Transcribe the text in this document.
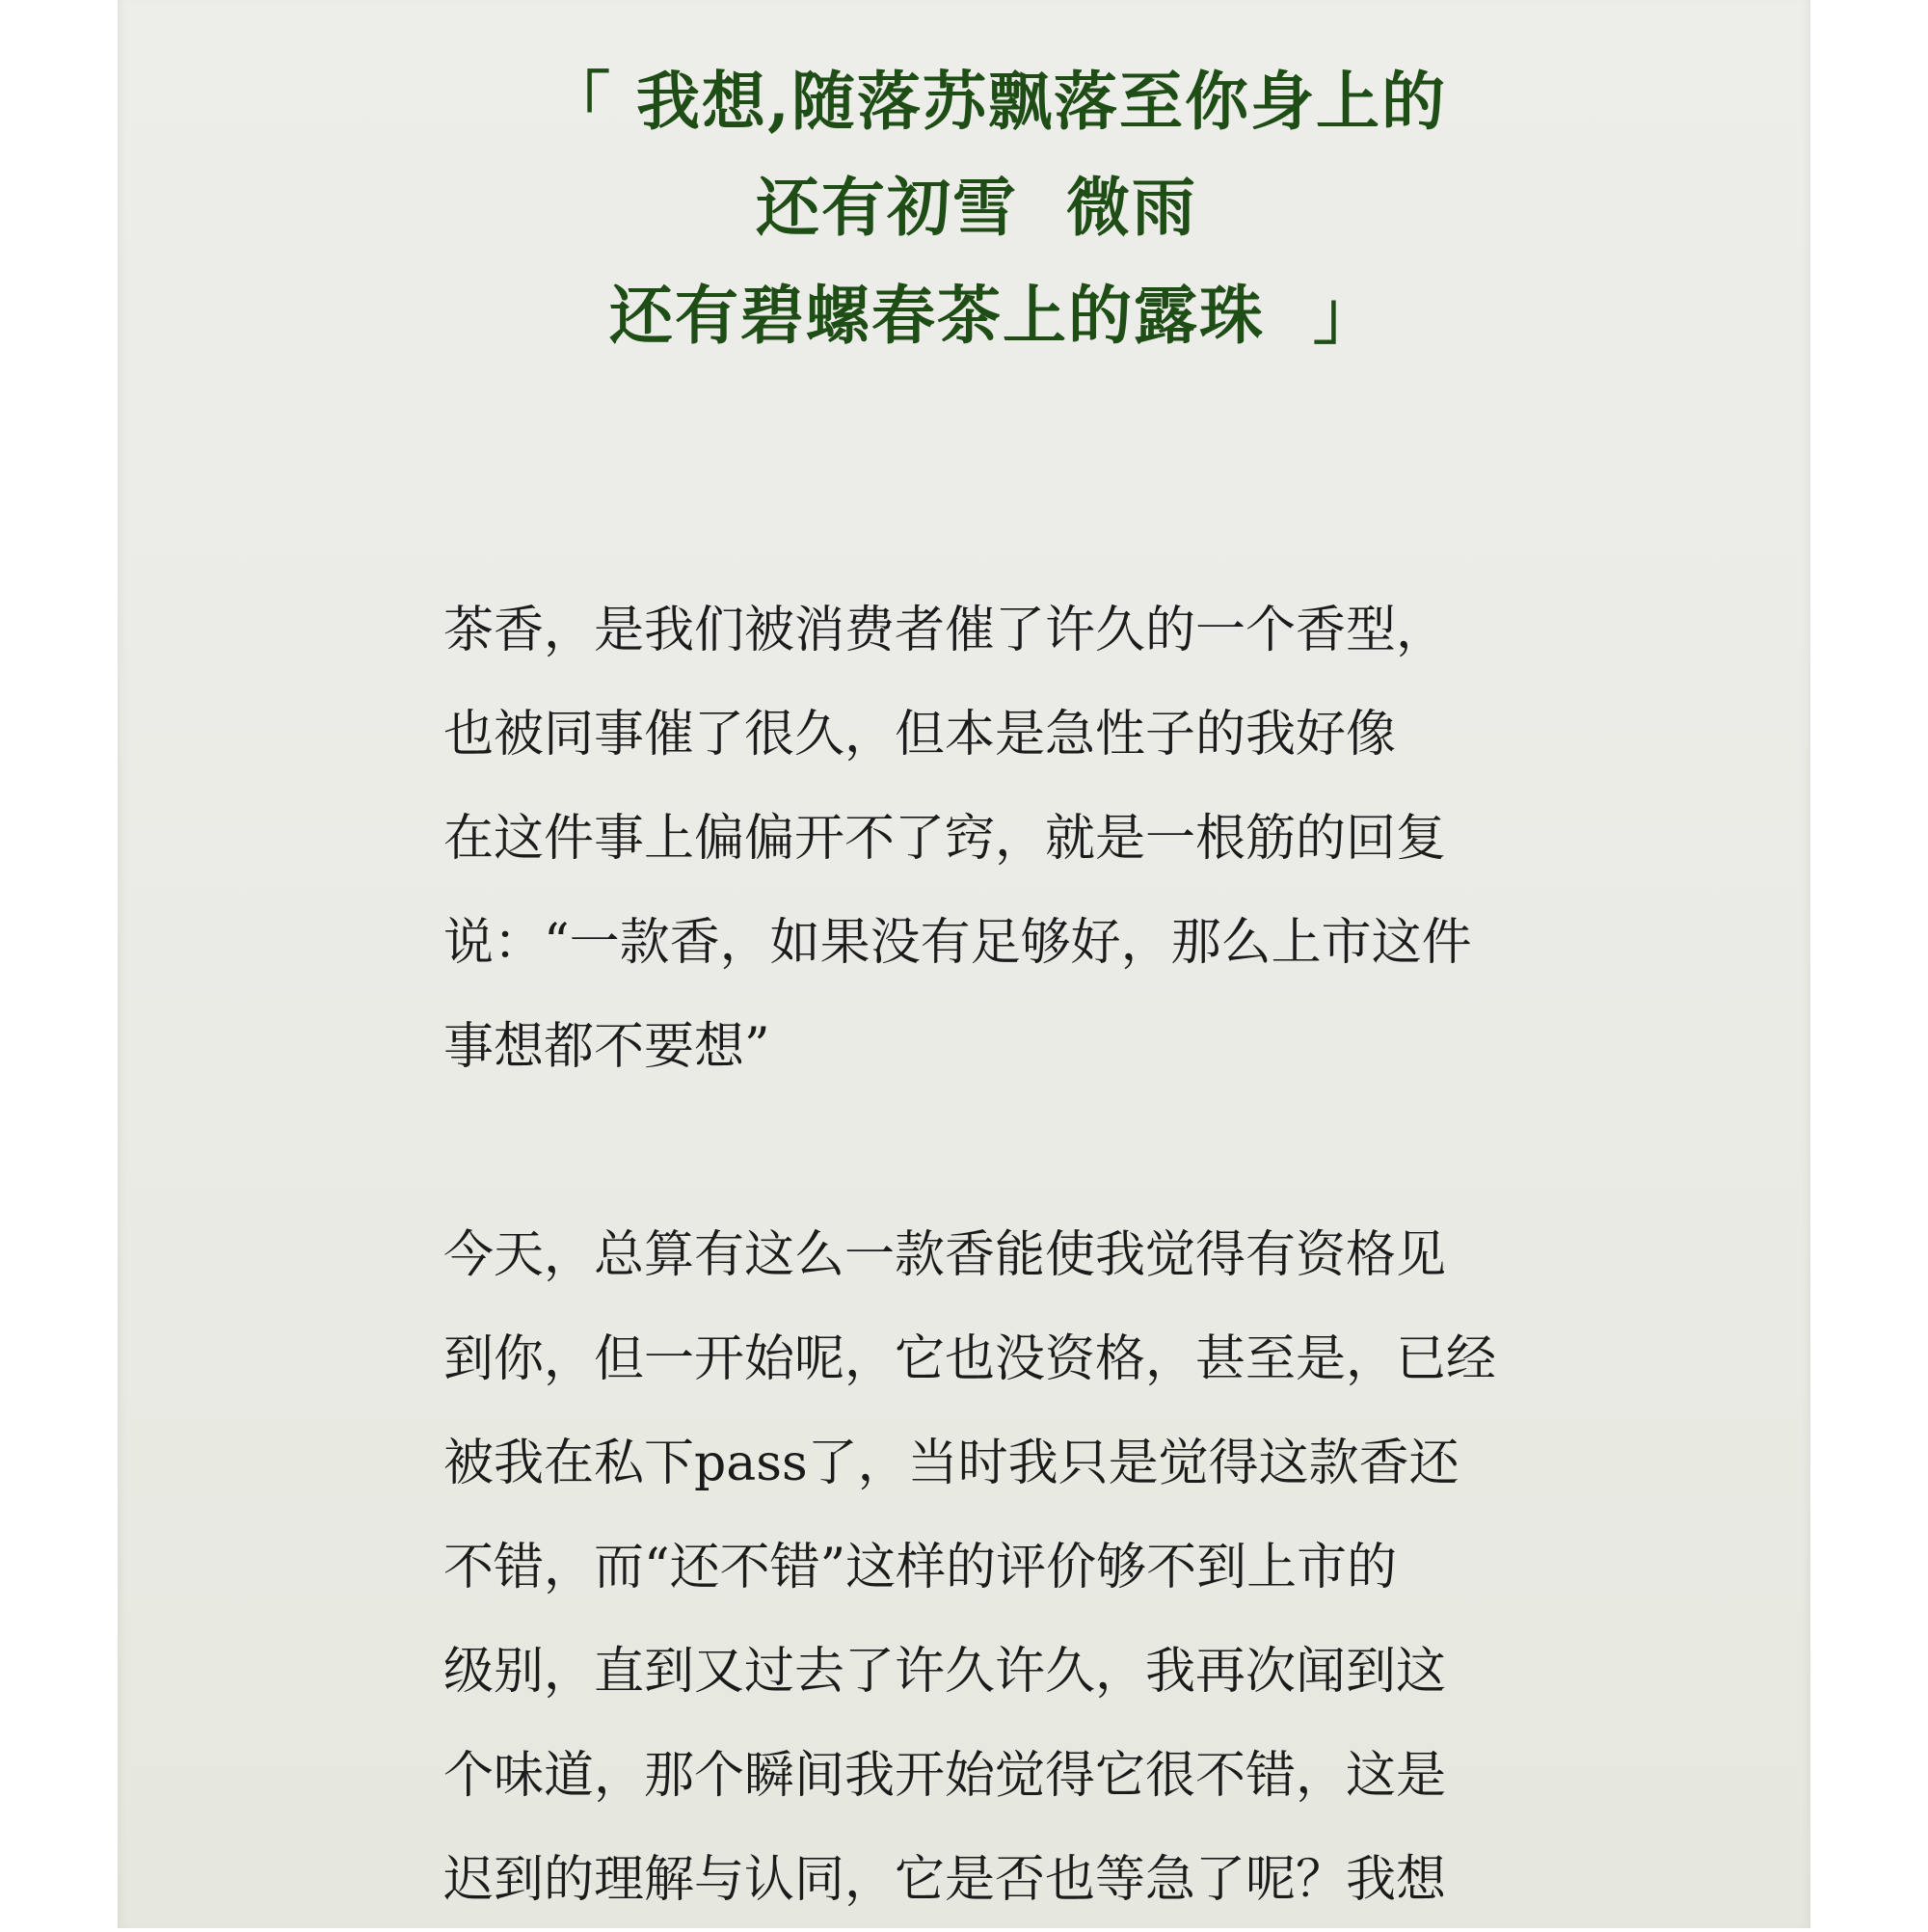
「 我想,随落苏飘落至你身上的
还有初雪  微雨
还有碧螺春茶上的露珠  」
茶香，是我们被消费者催了许久的一个香型，
也被同事催了很久，但本是急性子的我好像
在这件事上偏偏开不了窍，就是一根筋的回复
说：“一款香，如果没有足够好，那么上市这件
事想都不要想”
今天，总算有这么一款香能使我觉得有资格见
到你，但一开始呢，它也没资格，甚至是，已经
被我在私下pass了，当时我只是觉得这款香还
不错，而“还不错”这样的评价够不到上市的
级别，直到又过去了许久许久，我再次闻到这
个味道，那个瞬间我开始觉得它很不错，这是
迟到的理解与认同，它是否也等急了呢？我想
